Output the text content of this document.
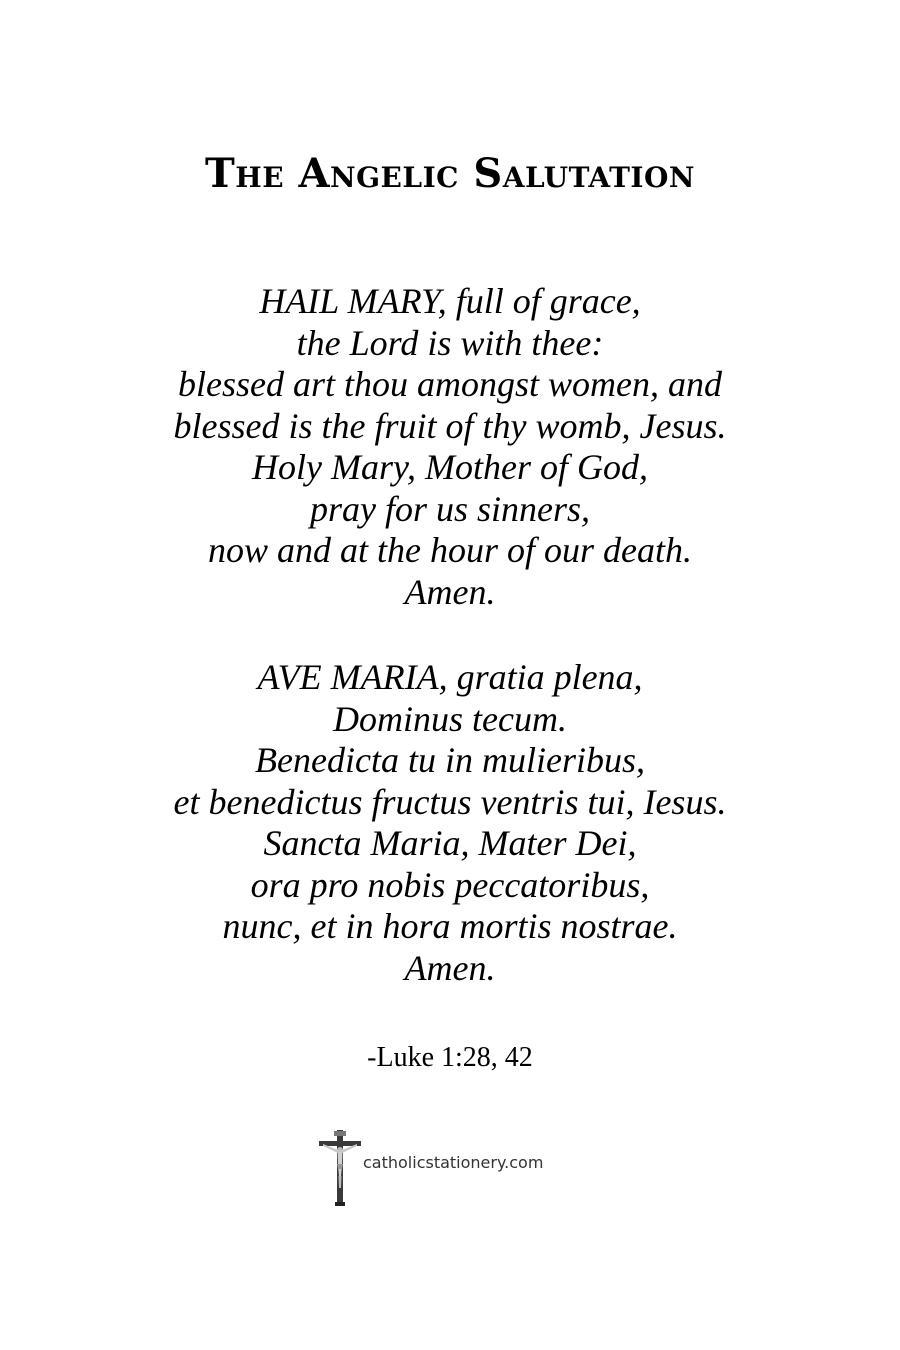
The Angelic Salutation
HAIL MARY, full of grace,
the Lord is with thee:
blessed art thou amongst women, and
blessed is the fruit of thy womb, Jesus.
Holy Mary, Mother of God,
pray for us sinners,
now and at the hour of our death.
Amen.
AVE MARIA, gratia plena,
Dominus tecum.
Benedicta tu in mulieribus,
et benedictus fructus ventris tui, Iesus.
Sancta Maria, Mater Dei,
ora pro nobis peccatoribus,
nunc, et in hora mortis nostrae.
Amen.
-Luke 1:28, 42
catholicstationery.com
